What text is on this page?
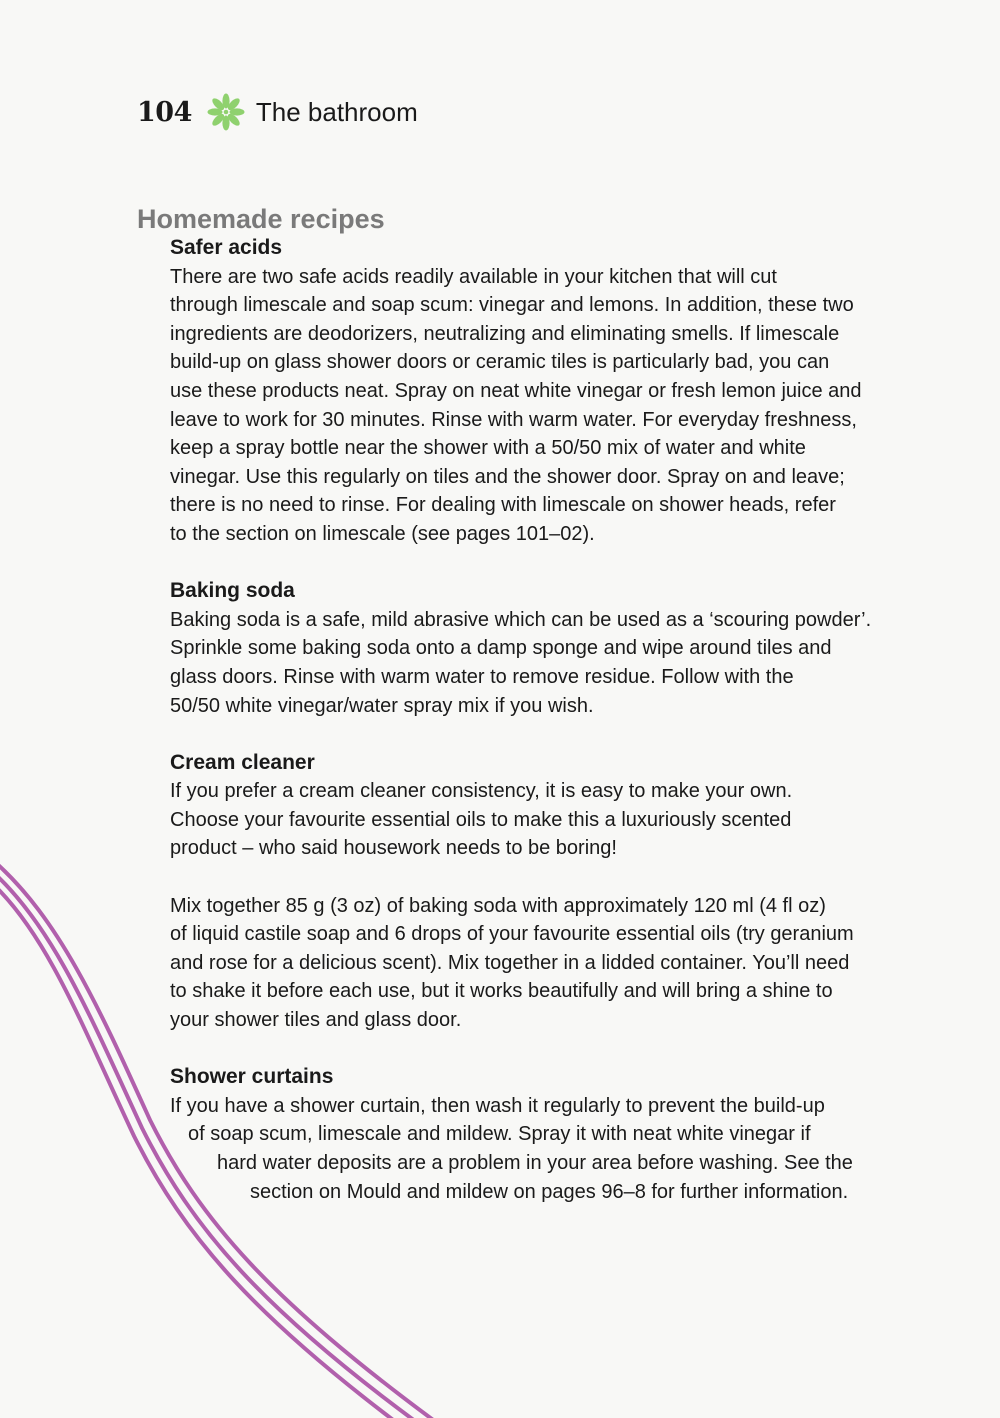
104 The bathroom
Homemade recipes
Safer acids
There are two safe acids readily available in your kitchen that will cut
through limescale and soap scum: vinegar and lemons. In addition, these two
ingredients are deodorizers, neutralizing and eliminating smells. If limescale
build-up on glass shower doors or ceramic tiles is particularly bad, you can
use these products neat. Spray on neat white vinegar or fresh lemon juice and
leave to work for 30 minutes. Rinse with warm water. For everyday freshness,
keep a spray bottle near the shower with a 50/50 mix of water and white
vinegar. Use this regularly on tiles and the shower door. Spray on and leave;
there is no need to rinse. For dealing with limescale on shower heads, refer
to the section on limescale (see pages 101–02).
Baking soda
Baking soda is a safe, mild abrasive which can be used as a ‘scouring powder’.
Sprinkle some baking soda onto a damp sponge and wipe around tiles and
glass doors. Rinse with warm water to remove residue. Follow with the
50/50 white vinegar/water spray mix if you wish.
Cream cleaner
If you prefer a cream cleaner consistency, it is easy to make your own.
Choose your favourite essential oils to make this a luxuriously scented
product – who said housework needs to be boring!
Mix together 85 g (3 oz) of baking soda with approximately 120 ml (4 fl oz)
of liquid castile soap and 6 drops of your favourite essential oils (try geranium
and rose for a delicious scent). Mix together in a lidded container. You’ll need
to shake it before each use, but it works beautifully and will bring a shine to
your shower tiles and glass door.
Shower curtains
If you have a shower curtain, then wash it regularly to prevent the build-up
of soap scum, limescale and mildew. Spray it with neat white vinegar if
hard water deposits are a problem in your area before washing. See the
section on Mould and mildew on pages 96–8 for further information.
